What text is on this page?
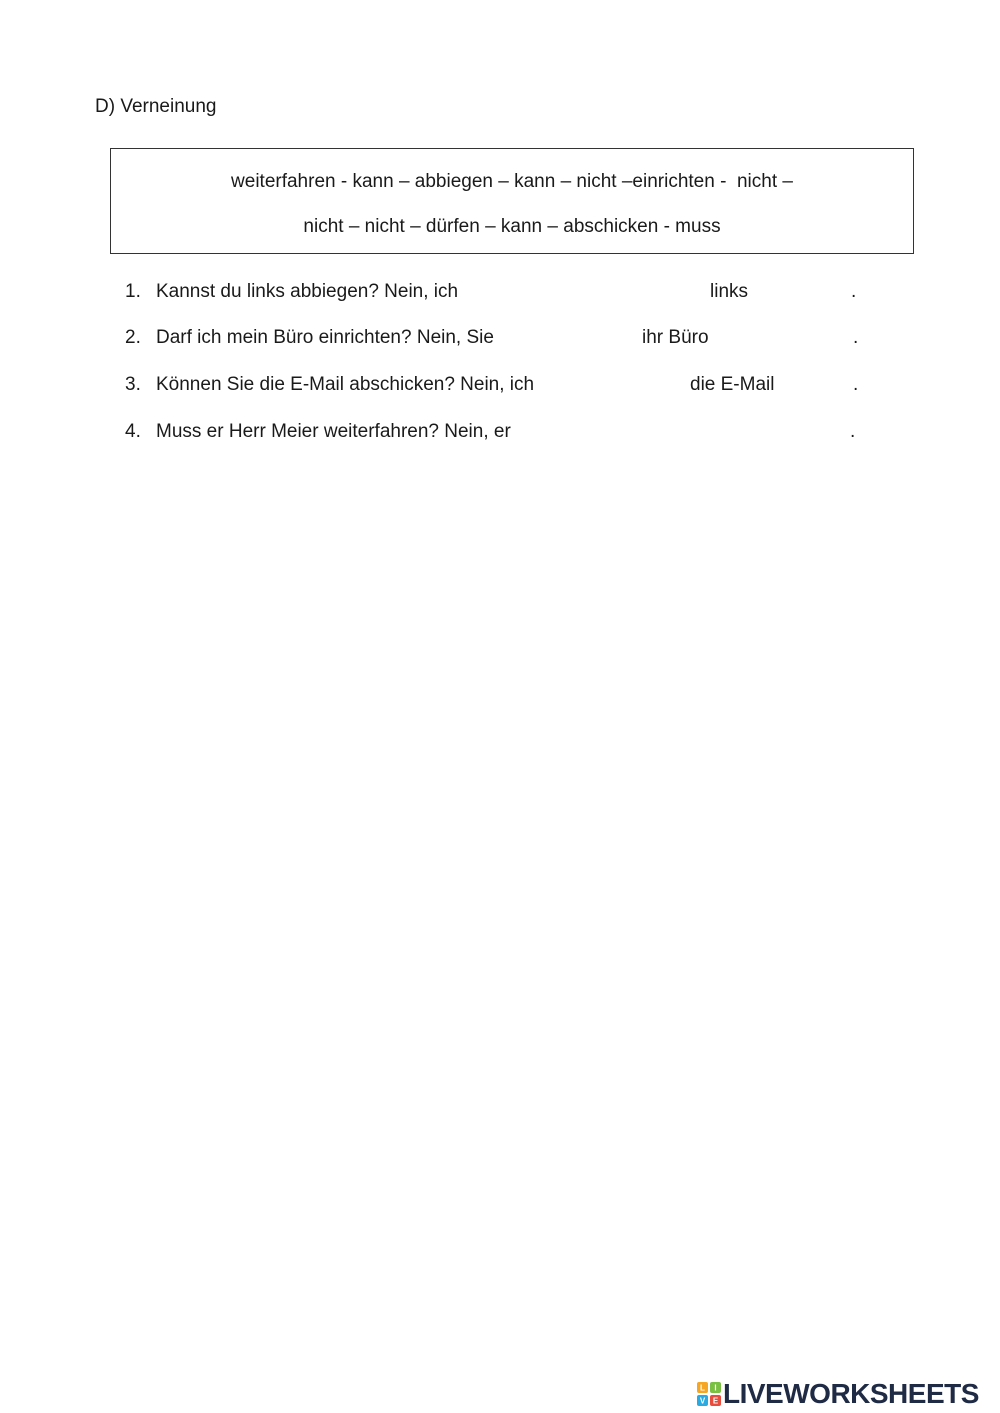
D) Verneinung
weiterfahren - kann – abbiegen – kann – nicht –einrichten -  nicht –
nicht – nicht – dürfen – kann – abschicken - muss
1. Kannst du links abbiegen? Nein, ich	links	.
2. Darf ich mein Büro einrichten? Nein, Sie	ihr Büro	.
3. Können Sie die E-Mail abschicken? Nein, ich	die E-Mail	.
4. Muss er Herr Meier weiterfahren? Nein, er	.
L I
V E LIVEWORKSHEETS
